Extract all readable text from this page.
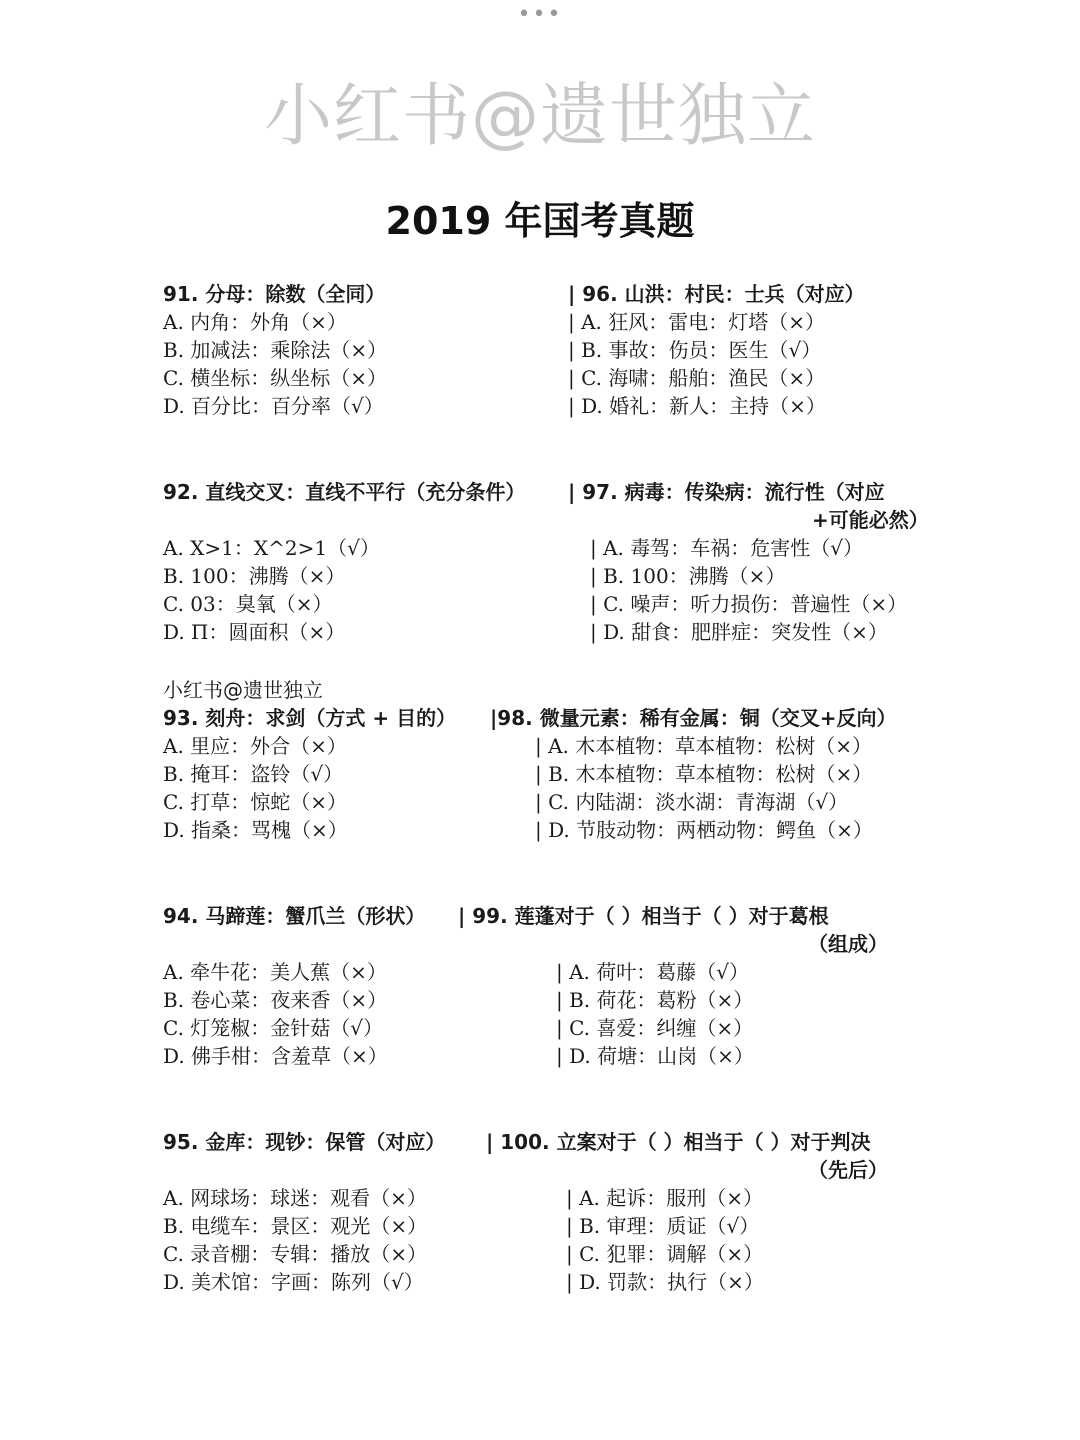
•••
小红书@遗世独立
2019 年国考真题
91. 分母：除数（全同）
A. 内角：外角（×）
B. 加减法：乘除法（×）
C. 横坐标：纵坐标（×）
D. 百分比：百分率（√）
| 96. 山洪：村民：士兵（对应）
| A. 狂风：雷电：灯塔（×）
| B. 事故：伤员：医生（√）
| C. 海啸：船舶：渔民（×）
| D. 婚礼：新人：主持（×）
92. 直线交叉：直线不平行（充分条件）
A. X>1：X^2>1（√）
B. 100：沸腾（×）
C. 03：臭氧（×）
D. Π：圆面积（×）
| 97. 病毒：传染病：流行性（对应
+可能必然）
| A. 毒驾：车祸：危害性（√）
| B. 100：沸腾（×）
| C. 噪声：听力损伤：普遍性（×）
| D. 甜食：肥胖症：突发性（×）
小红书@遗世独立
93. 刻舟：求剑（方式 + 目的）
A. 里应：外合（×）
B. 掩耳：盗铃（√）
C. 打草：惊蛇（×）
D. 指桑：骂槐（×）
|98. 微量元素：稀有金属：铜（交叉+反向）
| A. 木本植物：草本植物：松树（×）
| B. 木本植物：草本植物：松树（×）
| C. 内陆湖：淡水湖：青海湖（√）
| D. 节肢动物：两栖动物：鳄鱼（×）
94. 马蹄莲：蟹爪兰（形状）
A. 牵牛花：美人蕉（×）
B. 卷心菜：夜来香（×）
C. 灯笼椒：金针菇（√）
D. 佛手柑：含羞草（×）
| 99. 莲蓬对于（ ）相当于（ ）对于葛根
（组成）
| A. 荷叶：葛藤（√）
| B. 荷花：葛粉（×）
| C. 喜爱：纠缠（×）
| D. 荷塘：山岗（×）
95. 金库：现钞：保管（对应）
A. 网球场：球迷：观看（×）
B. 电缆车：景区：观光（×）
C. 录音棚：专辑：播放（×）
D. 美术馆：字画：陈列（√）
| 100. 立案对于（ ）相当于（ ）对于判决
（先后）
| A. 起诉：服刑（×）
| B. 审理：质证（√）
| C. 犯罪：调解（×）
| D. 罚款：执行（×）
